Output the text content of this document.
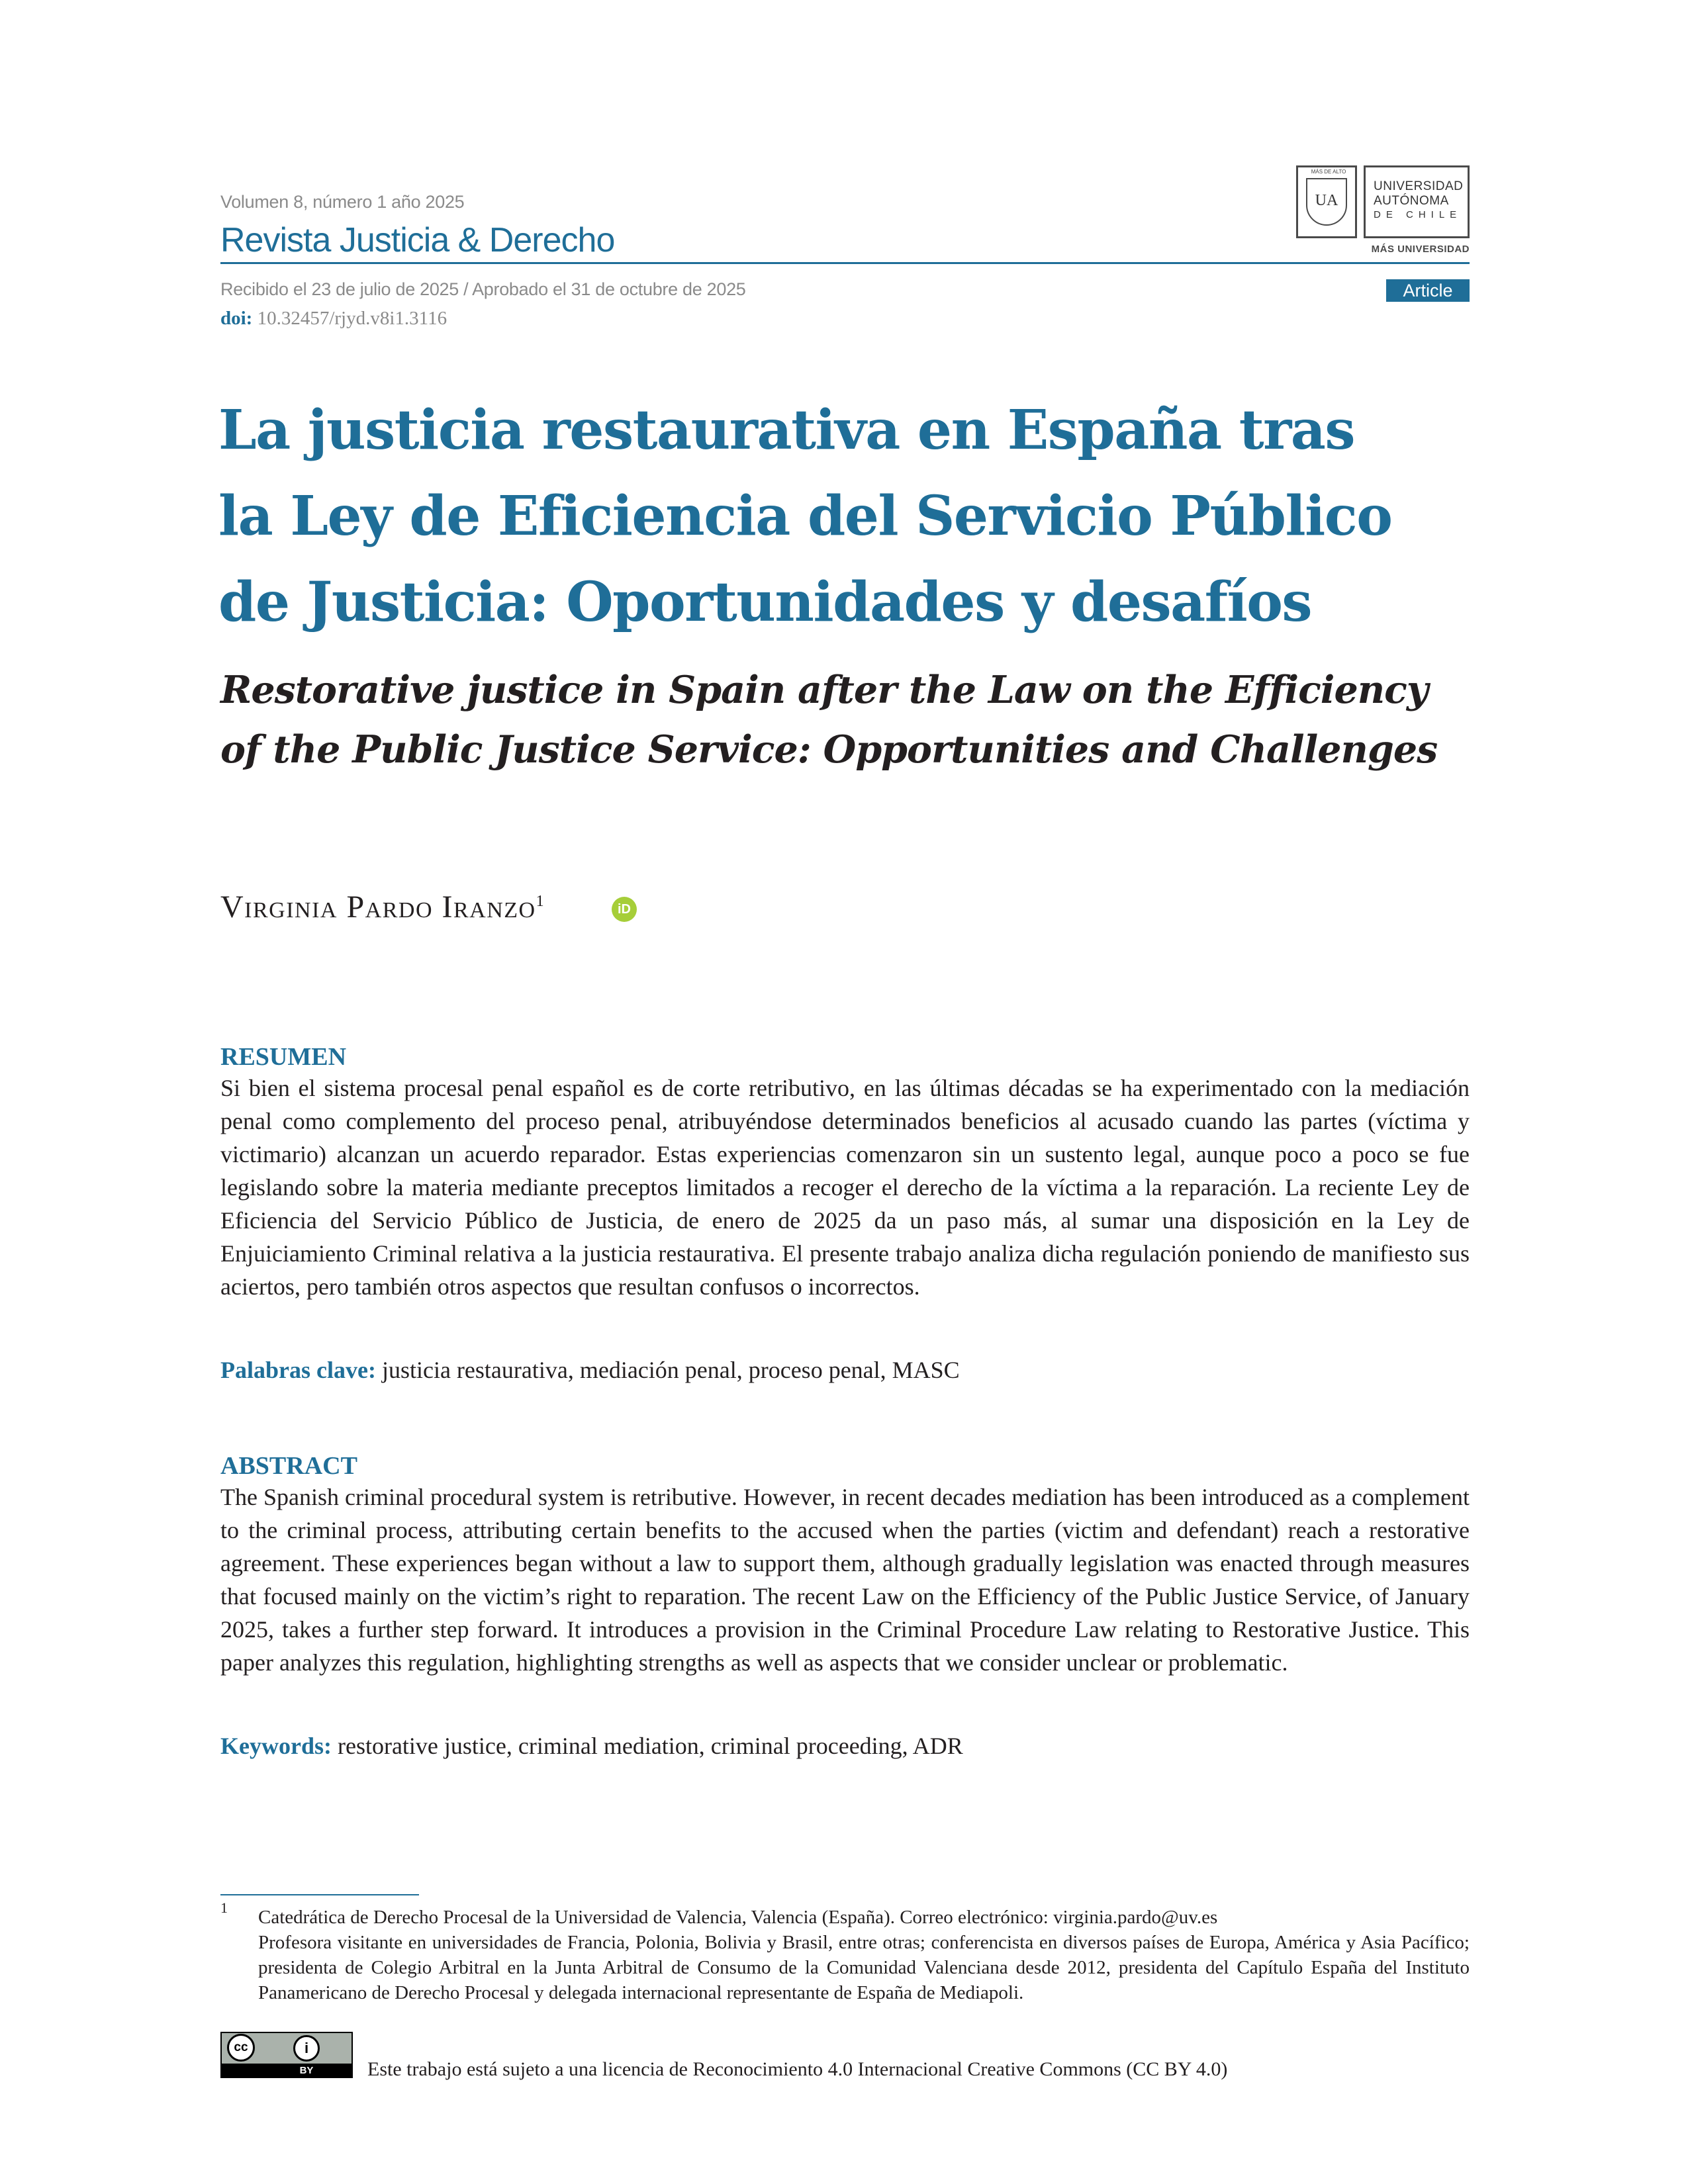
Volumen 8, número 1 año 2025
Revista Justicia & Derecho
Recibido el 23 de julio de 2025 / Aprobado el 31 de octubre de 2025
doi: 10.32457/rjyd.v8i1.3116
Article
MÁS DE ALTO
UA
UNIVERSIDAD
AUTÓNOMA
DE CHILE
MÁS UNIVERSIDAD
La justicia restaurativa en España tras
la Ley de Eficiencia del Servicio Público
de Justicia: Oportunidades y desafíos
Restorative justice in Spain after the Law on the Efficiency
of the Public Justice Service: Opportunities and Challenges
Virginia Pardo Iranzo$^1$	iD
RESUMEN
Si bien el sistema procesal penal español es de corte retributivo, en las últimas décadas se ha experimentado con la mediación penal como complemento del proceso penal, atribuyéndose determinados beneficios al acusado cuando las partes (víctima y victimario) alcanzan un acuerdo reparador. Estas experiencias comenzaron sin un sustento legal, aunque poco a poco se fue legislando sobre la materia mediante preceptos limitados a recoger el derecho de la víctima a la reparación. La reciente Ley de Eficiencia del Servicio Público de Justicia, de enero de 2025 da un paso más, al sumar una disposición en la Ley de Enjuiciamiento Criminal relativa a la justicia restaurativa. El presente trabajo analiza dicha regulación poniendo de manifiesto sus aciertos, pero también otros aspectos que resultan confusos o incorrectos.
Palabras clave: justicia restaurativa, mediación penal, proceso penal, MASC
ABSTRACT
The Spanish criminal procedural system is retributive. However, in recent decades mediation has been introduced as a complement to the criminal process, attributing certain benefits to the accused when the parties (victim and defendant) reach a restorative agreement. These experiences began without a law to support them, although gradually legislation was enacted through measures that focused mainly on the victim’s right to reparation. The recent Law on the Efficiency of the Public Justice Service, of January 2025, takes a further step forward. It introduces a provision in the Criminal Procedure Law relating to Restorative Justice. This paper analyzes this regulation, highlighting strengths as well as aspects that we consider unclear or problematic.
Keywords: restorative justice, criminal mediation, criminal proceeding, ADR
1 Catedrática de Derecho Procesal de la Universidad de Valencia, Valencia (España). Correo electrónico: virginia.pardo@uv.es
Profesora visitante en universidades de Francia, Polonia, Bolivia y Brasil, entre otras; conferencista en diversos países de Europa, América y Asia Pacífico; presidenta de Colegio Arbitral en la Junta Arbitral de Consumo de la Comunidad Valenciana desde 2012, presidenta del Capítulo España del Instituto Panamericano de Derecho Procesal y delegada internacional representante de España de Mediapoli.
cc	i
BY	Este trabajo está sujeto a una licencia de Reconocimiento 4.0 Internacional Creative Commons (CC BY 4.0)
